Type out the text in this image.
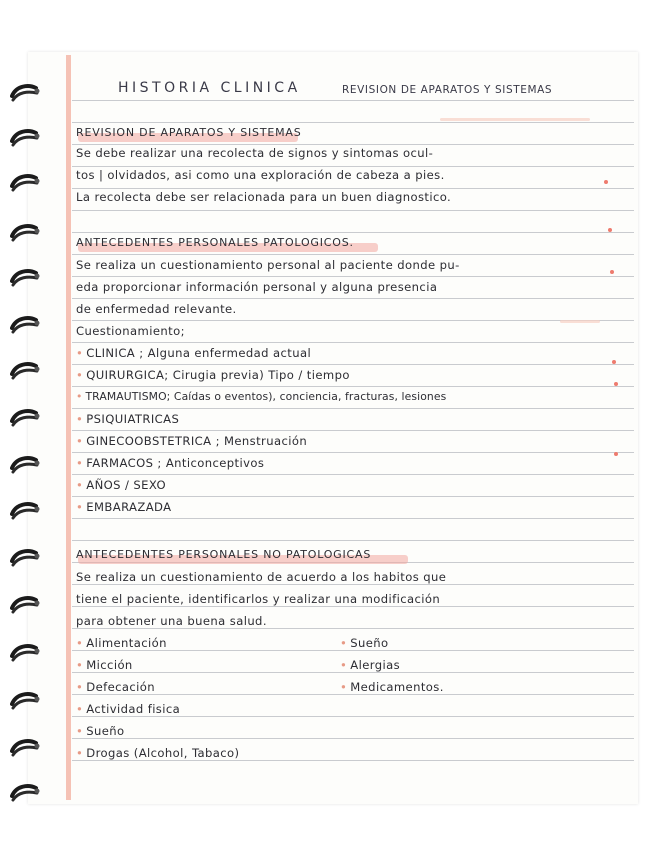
HISTORIA CLINICA	REVISION DE APARATOS Y SISTEMAS
REVISION DE APARATOS Y SISTEMAS
Se debe realizar una recolecta de signos y sintomas ocul-
tos | olvidados, asi como una exploración de cabeza a pies.
La recolecta debe ser relacionada para un buen diagnostico.
ANTECEDENTES PERSONALES PATOLOGICOS.
Se realiza un cuestionamiento personal al paciente donde pu-
eda proporcionar información personal y alguna presencia
de enfermedad relevante.
Cuestionamiento;
• CLINICA ; Alguna enfermedad actual
• QUIRURGICA; Cirugia previa) Tipo / tiempo
• TRAMAUTISMO; Caídas o eventos), conciencia, fracturas, lesiones
• PSIQUIATRICAS
• GINECOOBSTETRICA ; Menstruación
• FARMACOS ; Anticonceptivos
• AÑOS / SEXO
• EMBARAZADA
ANTECEDENTES PERSONALES NO PATOLOGICAS
Se realiza un cuestionamiento de acuerdo a los habitos que
tiene el paciente, identificarlos y realizar una modificación
para obtener una buena salud.
• Alimentación
• Micción
• Defecación
• Actividad fisica
• Sueño
• Drogas (Alcohol, Tabaco)
• Sueño
• Alergias
• Medicamentos.
